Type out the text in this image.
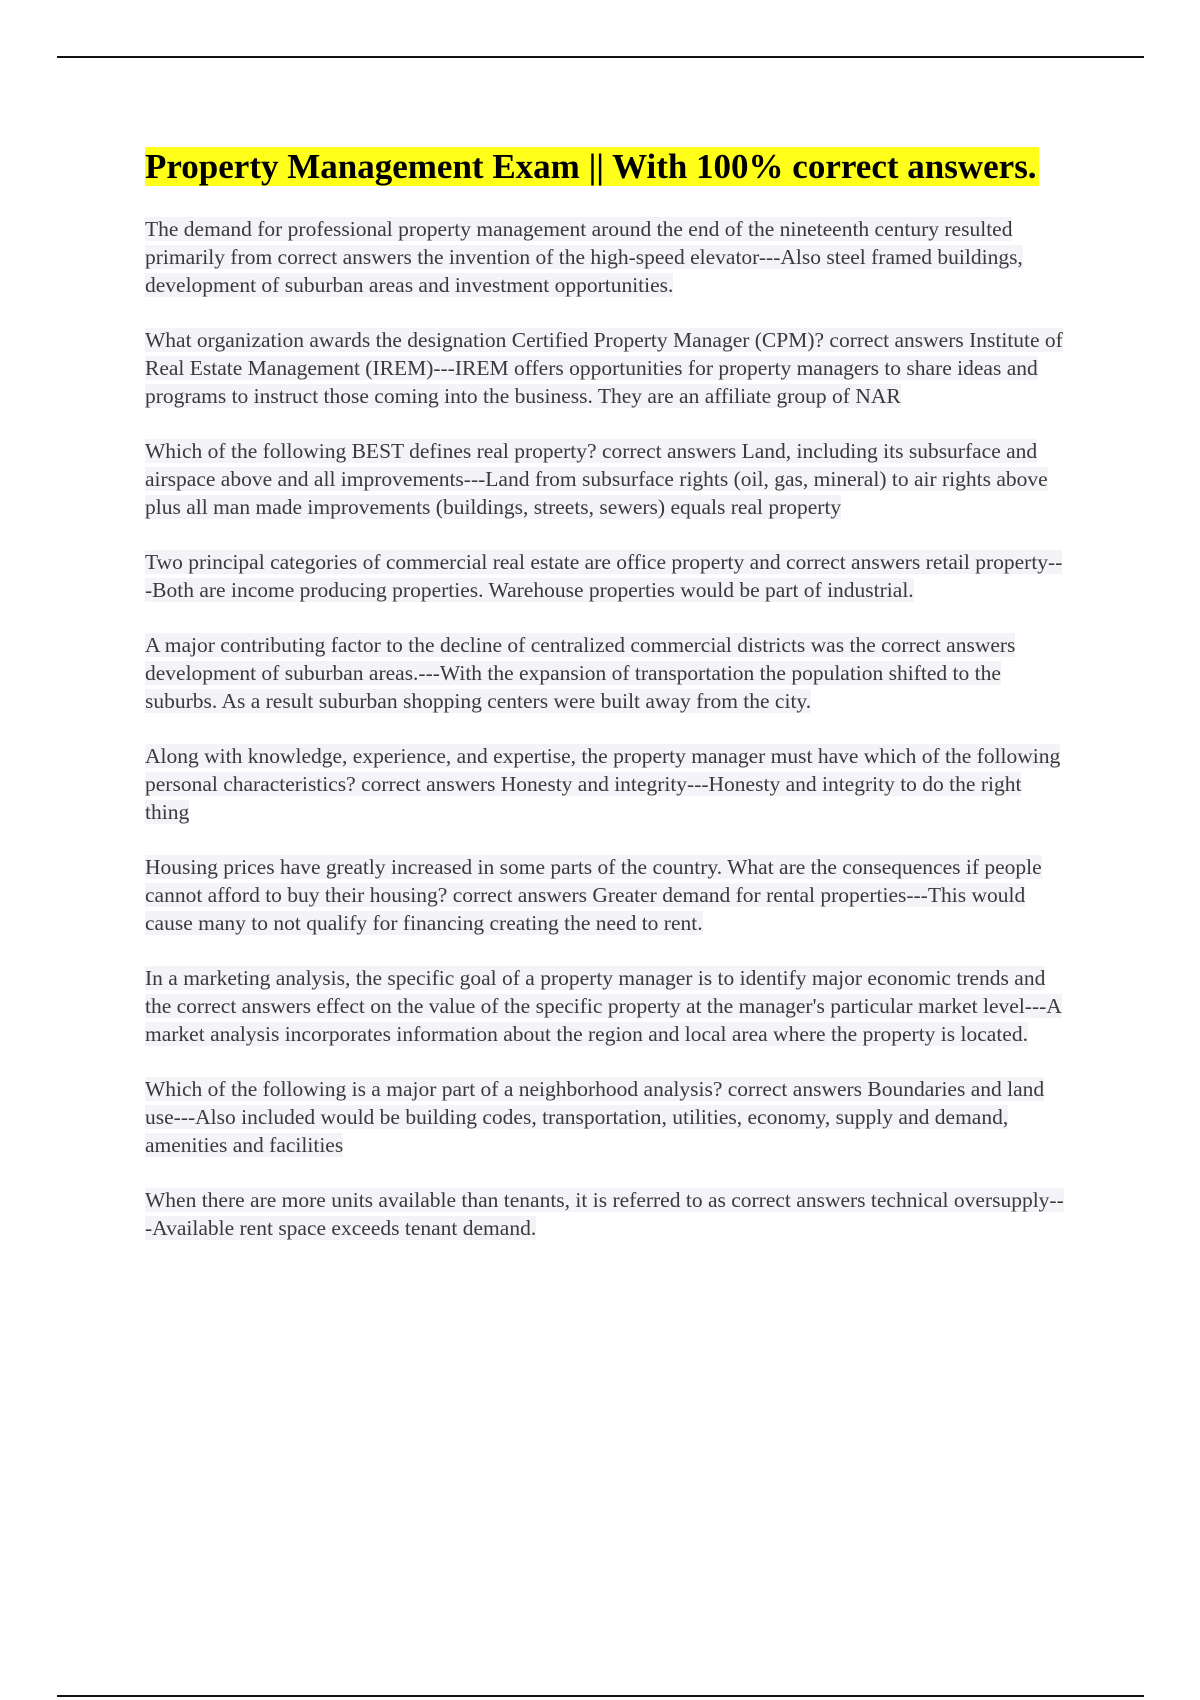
Property Management Exam || With 100% correct answers.
The demand for professional property management around the end of the nineteenth century resulted primarily from correct answers the invention of the high-speed elevator---Also steel framed buildings, development of suburban areas and investment opportunities.
What organization awards the designation Certified Property Manager (CPM)? correct answers Institute of Real Estate Management (IREM)---IREM offers opportunities for property managers to share ideas and programs to instruct those coming into the business. They are an affiliate group of NAR
Which of the following BEST defines real property? correct answers Land, including its subsurface and airspace above and all improvements---Land from subsurface rights (oil, gas, mineral) to air rights above plus all man made improvements (buildings, streets, sewers) equals real property
Two principal categories of commercial real estate are office property and correct answers retail property---Both are income producing properties. Warehouse properties would be part of industrial.
A major contributing factor to the decline of centralized commercial districts was the correct answers development of suburban areas.---With the expansion of transportation the population shifted to the suburbs. As a result suburban shopping centers were built away from the city.
Along with knowledge, experience, and expertise, the property manager must have which of the following personal characteristics? correct answers Honesty and integrity---Honesty and integrity to do the right thing
Housing prices have greatly increased in some parts of the country. What are the consequences if people cannot afford to buy their housing? correct answers Greater demand for rental properties---This would cause many to not qualify for financing creating the need to rent.
In a marketing analysis, the specific goal of a property manager is to identify major economic trends and the correct answers effect on the value of the specific property at the manager's particular market level---A market analysis incorporates information about the region and local area where the property is located.
Which of the following is a major part of a neighborhood analysis? correct answers Boundaries and land use---Also included would be building codes, transportation, utilities, economy, supply and demand, amenities and facilities
When there are more units available than tenants, it is referred to as correct answers technical oversupply---Available rent space exceeds tenant demand.
